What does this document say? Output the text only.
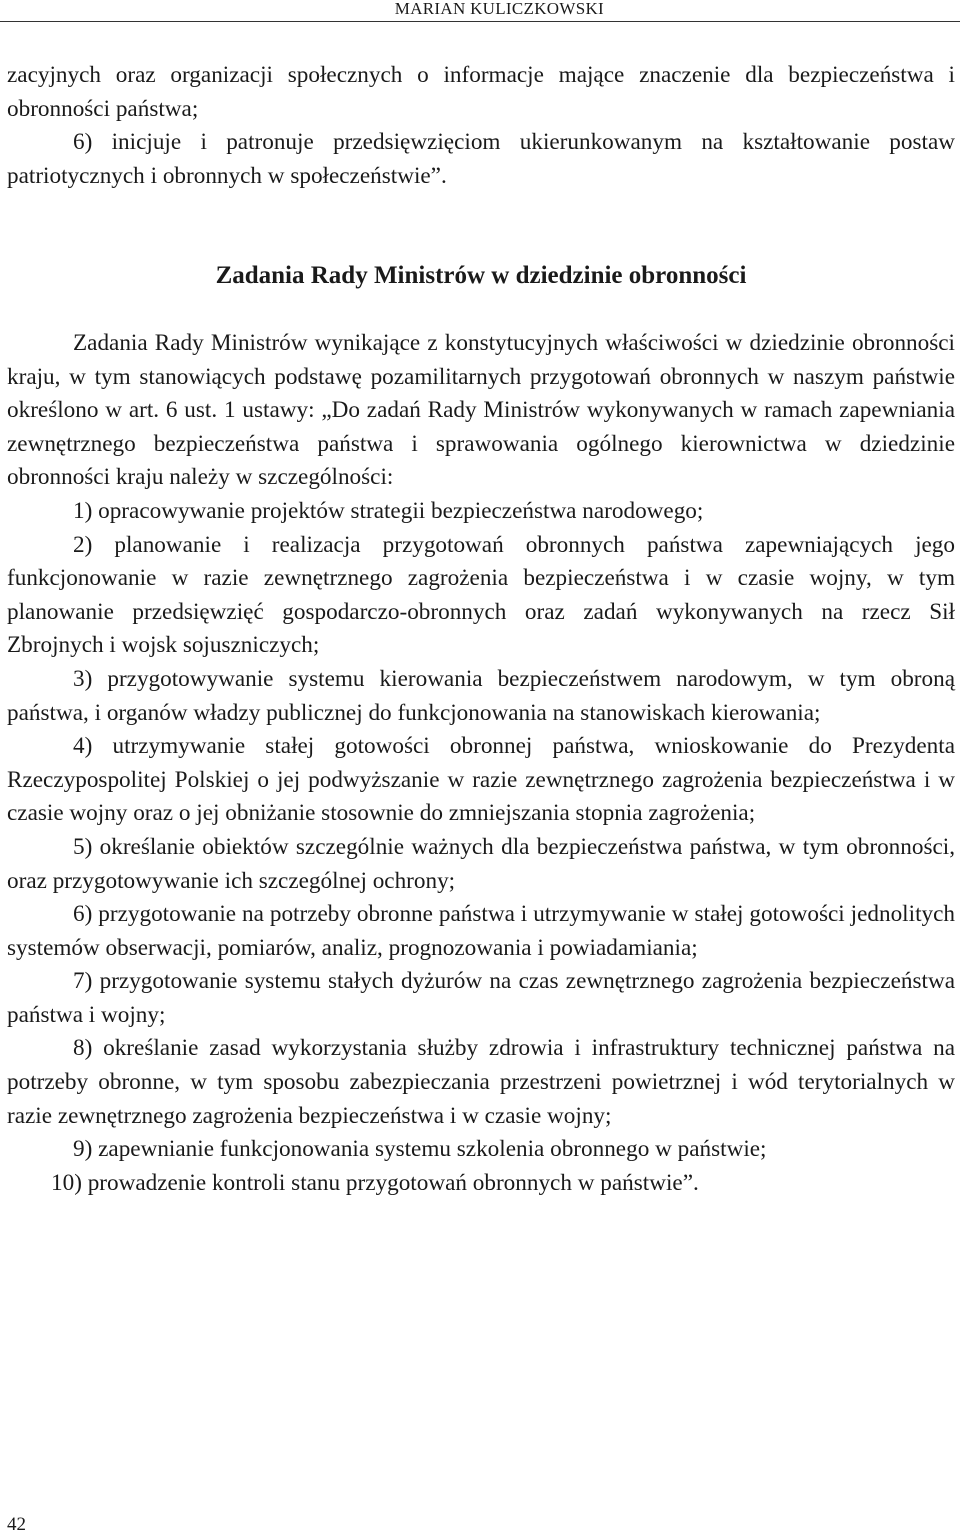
MARIAN KULICZKOWSKI

zacyjnych oraz organizacji społecznych o informacje mające znaczenie dla bezpieczeństwa i obronności państwa;

6) inicjuje i patronuje przedsięwzięciom ukierunkowanym na kształtowanie postaw patriotycznych i obronnych w społeczeństwie”.

Zadania Rady Ministrów w dziedzinie obronności

Zadania Rady Ministrów wynikające z konstytucyjnych właściwości w dziedzinie obronności kraju, w tym stanowiących podstawę pozamilitarnych przygotowań obronnych w naszym państwie określono w art. 6 ust. 1 ustawy: „Do zadań Rady Ministrów wykonywanych w ramach zapewniania zewnętrznego bezpieczeństwa państwa i sprawowania ogólnego kierownictwa w dziedzinie obronności kraju należy w szczególności:

1) opracowywanie projektów strategii bezpieczeństwa narodowego;

2) planowanie i realizacja przygotowań obronnych państwa zapewniających jego funkcjonowanie w razie zewnętrznego zagrożenia bezpieczeństwa i w czasie wojny, w tym planowanie przedsięwzięć gospodarczo-obronnych oraz zadań wykonywanych na rzecz Sił Zbrojnych i wojsk sojuszniczych;

3) przygotowywanie systemu kierowania bezpieczeństwem narodowym, w tym obroną państwa, i organów władzy publicznej do funkcjonowania na stanowiskach kierowania;

4) utrzymywanie stałej gotowości obronnej państwa, wnioskowanie do Prezydenta Rzeczypospolitej Polskiej o jej podwyższanie w razie zewnętrznego zagrożenia bezpieczeństwa i w czasie wojny oraz o jej obniżanie stosownie do zmniejszania stopnia zagrożenia;

5) określanie obiektów szczególnie ważnych dla bezpieczeństwa państwa, w tym obronności, oraz przygotowywanie ich szczególnej ochrony;

6) przygotowanie na potrzeby obronne państwa i utrzymywanie w stałej gotowości jednolitych systemów obserwacji, pomiarów, analiz, prognozowania i powiadamiania;

7) przygotowanie systemu stałych dyżurów na czas zewnętrznego zagrożenia bezpieczeństwa państwa i wojny;

8) określanie zasad wykorzystania służby zdrowia i infrastruktury technicznej państwa na potrzeby obronne, w tym sposobu zabezpieczania przestrzeni powietrznej i wód terytorialnych w razie zewnętrznego zagrożenia bezpieczeństwa i w czasie wojny;

9) zapewnianie funkcjonowania systemu szkolenia obronnego w państwie;

10) prowadzenie kontroli stanu przygotowań obronnych w państwie”.

42
